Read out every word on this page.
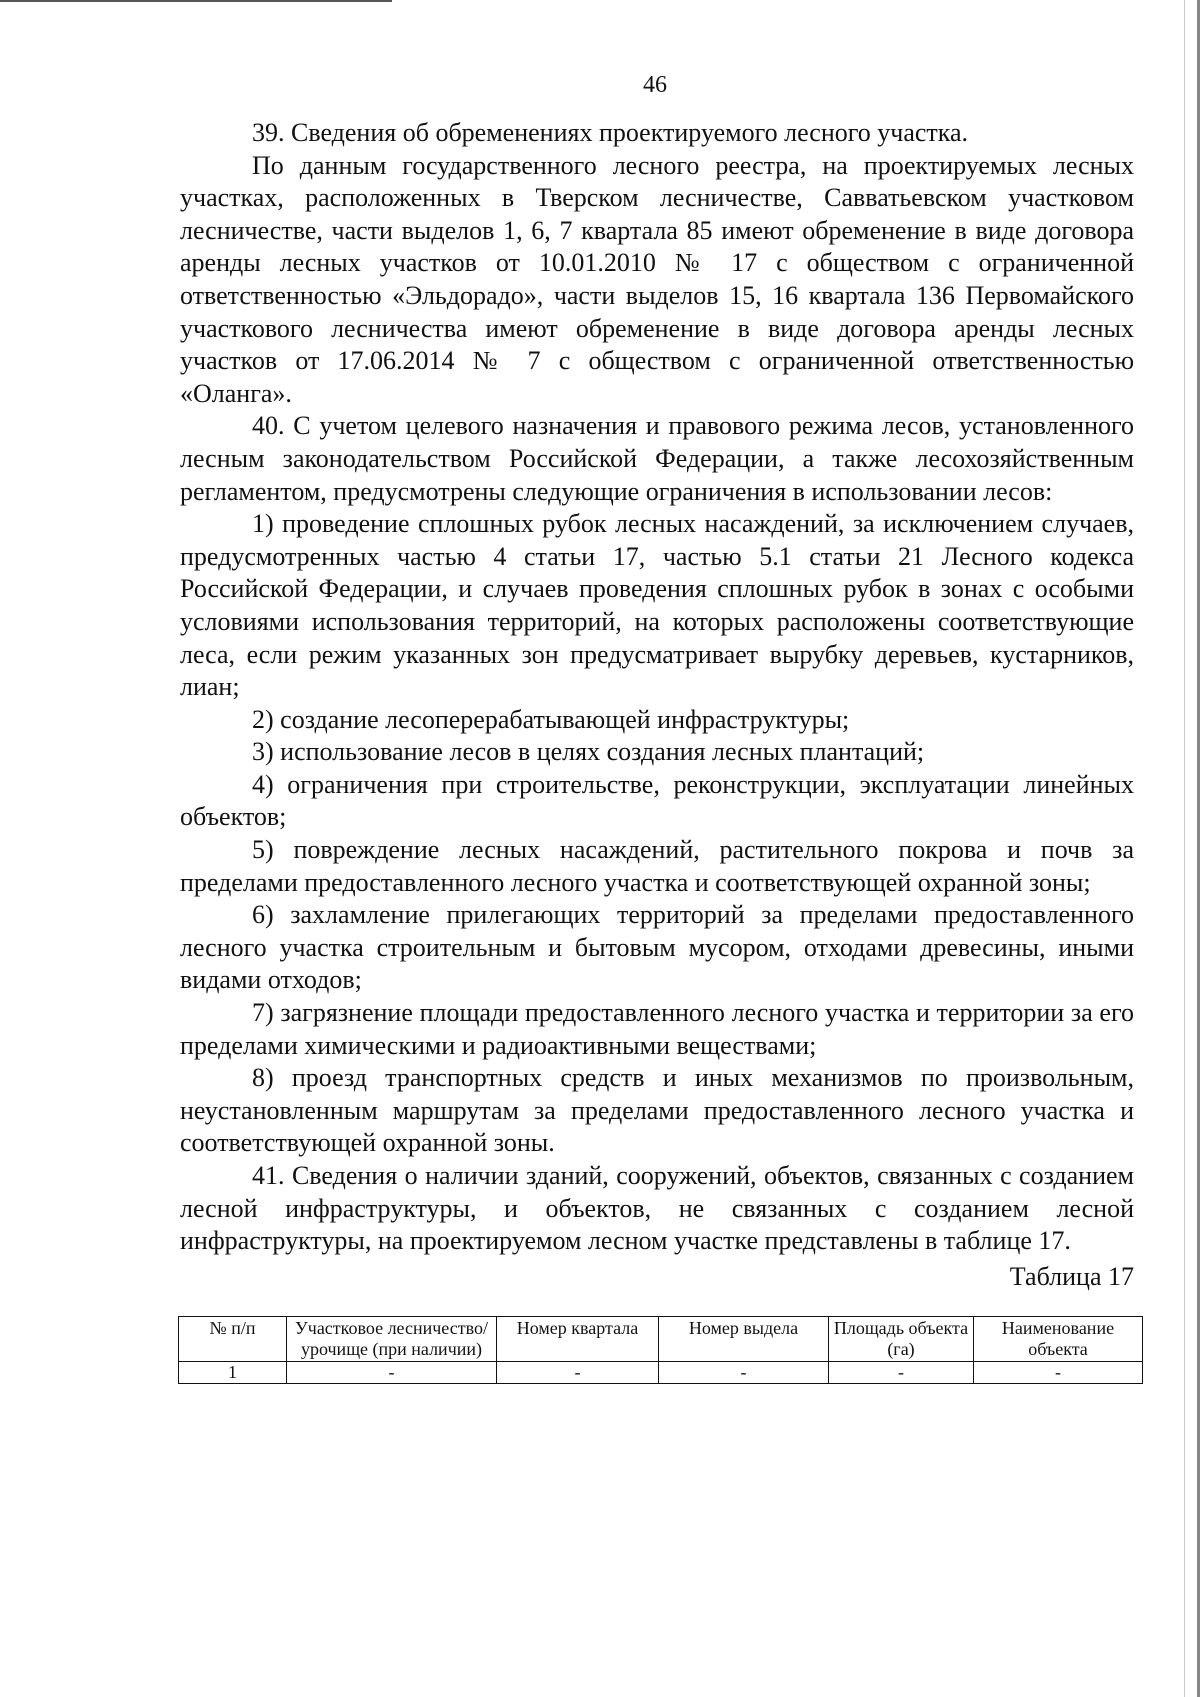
46

39. Сведения об обременениях проектируемого лесного участка.

По данным государственного лесного реестра, на проектируемых лесных участках, расположенных в Тверском лесничестве, Савватьевском участковом лесничестве, части выделов 1, 6, 7 квартала 85 имеют обременение в виде договора аренды лесных участков от 10.01.2010 № 17 с обществом с ограниченной ответственностью «Эльдорадо», части выделов 15, 16 квартала 136 Первомайского участкового лесничества имеют обременение в виде договора аренды лесных участков от 17.06.2014 № 7 с обществом с ограниченной ответственностью «Оланга».

40. С учетом целевого назначения и правового режима лесов, установленного лесным законодательством Российской Федерации, а также лесохозяйственным регламентом, предусмотрены следующие ограничения в использовании лесов:

1) проведение сплошных рубок лесных насаждений, за исключением случаев, предусмотренных частью 4 статьи 17, частью 5.1 статьи 21 Лесного кодекса Российской Федерации, и случаев проведения сплошных рубок в зонах с особыми условиями использования территорий, на которых расположены соответствующие леса, если режим указанных зон предусматривает вырубку деревьев, кустарников, лиан;

2) создание лесоперерабатывающей инфраструктуры;

3) использование лесов в целях создания лесных плантаций;

4) ограничения при строительстве, реконструкции, эксплуатации линейных объектов;

5) повреждение лесных насаждений, растительного покрова и почв за пределами предоставленного лесного участка и соответствующей охранной зоны;

6) захламление прилегающих территорий за пределами предоставленного лесного участка строительным и бытовым мусором, отходами древесины, иными видами отходов;

7) загрязнение площади предоставленного лесного участка и территории за его пределами химическими и радиоактивными веществами;

8) проезд транспортных средств и иных механизмов по произвольным, неустановленным маршрутам за пределами предоставленного лесного участка и соответствующей охранной зоны.

41. Сведения о наличии зданий, сооружений, объектов, связанных с созданием лесной инфраструктуры, и объектов, не связанных с созданием лесной инфраструктуры, на проектируемом лесном участке представлены в таблице 17.

Таблица 17
№ п/п	Участковое лесничество/урочище (при наличии)	Номер квартала	Номер выдела	Площадь объекта (га)	Наименование объекта
1	-	-	-	-	-
